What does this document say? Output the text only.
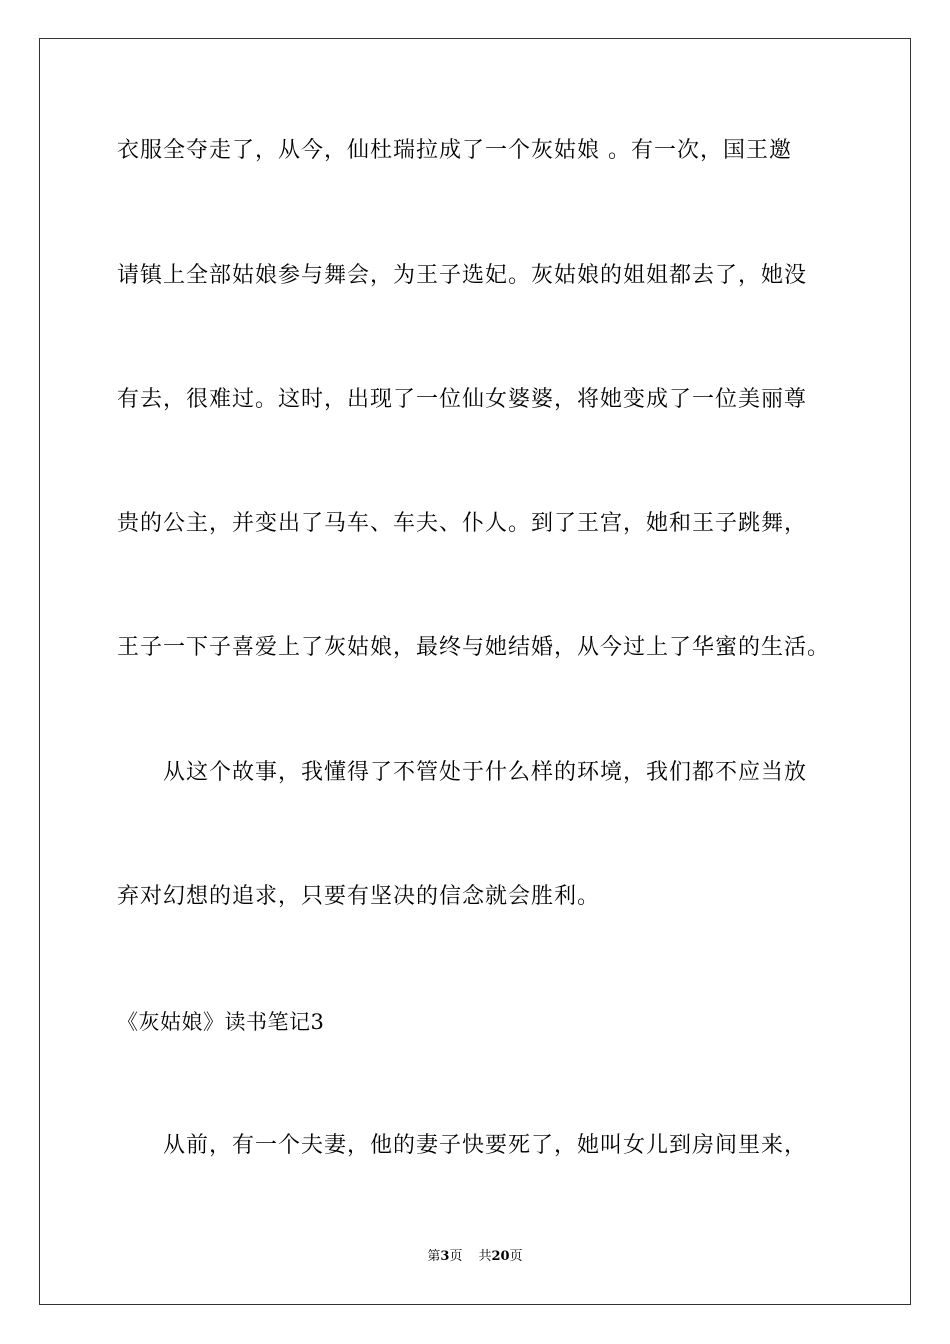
衣服全夺走了，从今，仙杜瑞拉成了一个灰姑娘 。有一次，国王邀
请镇上全部姑娘参与舞会，为王子选妃。灰姑娘的姐姐都去了，她没
有去，很难过。这时，出现了一位仙女婆婆，将她变成了一位美丽尊
贵的公主，并变出了马车、车夫、仆人。到了王宫，她和王子跳舞，
王子一下子喜爱上了灰姑娘，最终与她结婚，从今过上了华蜜的生活。
从这个故事，我懂得了不管处于什么样的环境，我们都不应当放
弃对幻想的追求，只要有坚决的信念就会胜利。
《灰姑娘》读书笔记3
从前，有一个夫妻，他的妻子快要死了，她叫女儿到房间里来，
第3页 共20页
